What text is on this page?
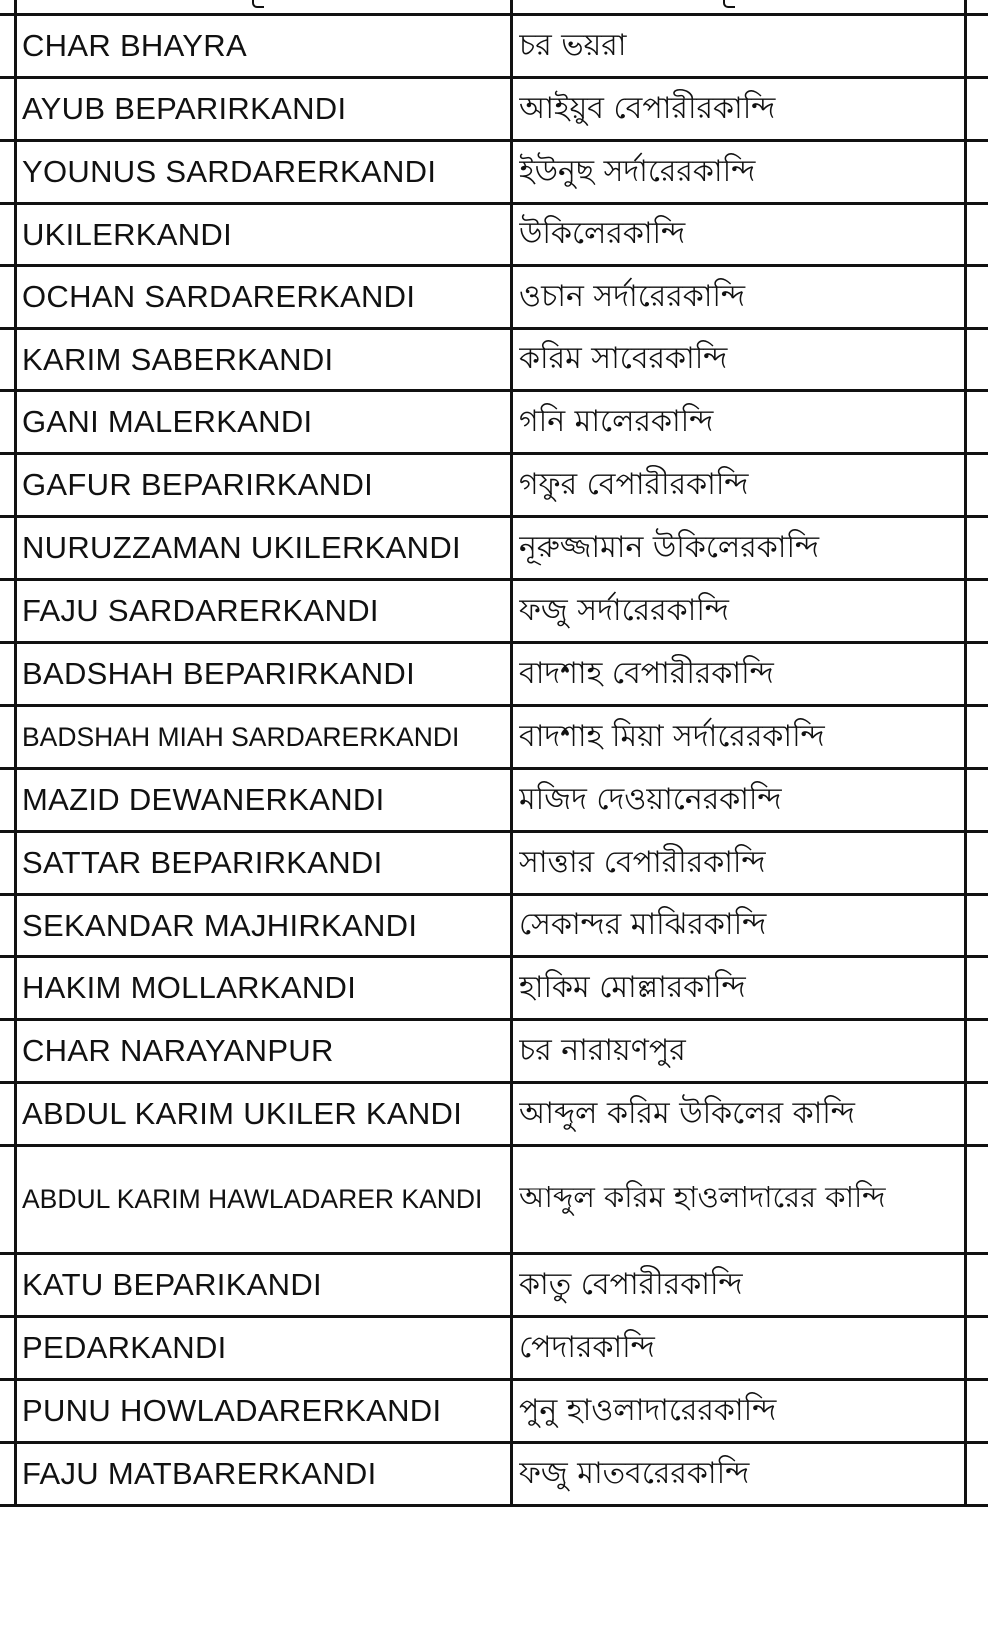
CHAR BHAYRA	চর ভয়রা
AYUB BEPARIRKANDI	আইয়ুব বেপারীরকান্দি
YOUNUS SARDARERKANDI	ইউনুছ সর্দারেরকান্দি
UKILERKANDI	উকিলেরকান্দি
OCHAN SARDARERKANDI	ওচান সর্দারেরকান্দি
KARIM SABERKANDI	করিম সাবেরকান্দি
GANI MALERKANDI	গনি মালেরকান্দি
GAFUR BEPARIRKANDI	গফুর বেপারীরকান্দি
NURUZZAMAN UKILERKANDI	নূরুজ্জামান উকিলেরকান্দি
FAJU SARDARERKANDI	ফজু সর্দারেরকান্দি
BADSHAH BEPARIRKANDI	বাদশাহ বেপারীরকান্দি
BADSHAH MIAH SARDARERKANDI	বাদশাহ মিয়া সর্দারেরকান্দি
MAZID DEWANERKANDI	মজিদ দেওয়ানেরকান্দি
SATTAR BEPARIRKANDI	সাত্তার বেপারীরকান্দি
SEKANDAR MAJHIRKANDI	সেকান্দর মাঝিরকান্দি
HAKIM MOLLARKANDI	হাকিম মোল্লারকান্দি
CHAR NARAYANPUR	চর নারায়ণপুর
ABDUL KARIM UKILER KANDI	আব্দুল করিম উকিলের কান্দি
ABDUL KARIM HAWLADARER KANDI	আব্দুল করিম হাওলাদারের কান্দি
KATU BEPARIKANDI	কাতু বেপারীরকান্দি
PEDARKANDI	পেদারকান্দি
PUNU HOWLADARERKANDI	পুনু হাওলাদারেরকান্দি
FAJU MATBARERKANDI	ফজু মাতবরেরকান্দি
